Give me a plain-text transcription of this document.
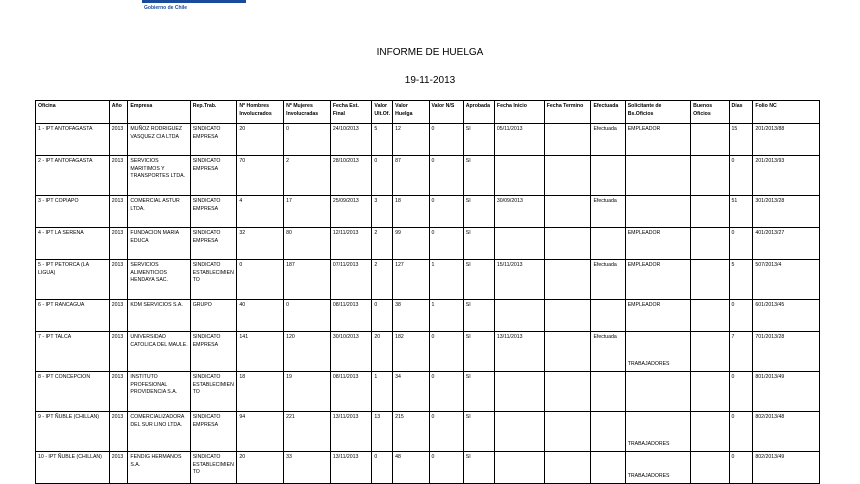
Gobierno de Chile
INFORME DE HUELGA
19-11-2013
Oficina	Año	Empresa	Rep.Trab.	Nº Hombres Involucrados	Nº Mujeres Involucradas	Fecha Est. Final	Valor Ult.Of.	Valor Huelga	Valor N/S	Aprobada	Fecha Inicio	Fecha Termino	Efectuada	Solicitante de Bs.Oficios	Buenos Oficios	Días	Folio NC
1 - IPT ANTOFAGASTA	2013	MUÑOZ RODRIGUEZ VASQUEZ CIA LTDA	SINDICATO EMPRESA	20	0	24/10/2013	5	12	0	SI	05/11/2013		Efectuada	EMPLEADOR		15	201/2013/88
2 - IPT ANTOFAGASTA	2013	SERVICIOS MARITIMOS Y TRANSPORTES LTDA.	SINDICATO EMPRESA	70	2	28/10/2013	0	87	0	SI						0	201/2013/93
3 - IPT COPIAPO	2013	COMERCIAL ASTUR LTDA.	SINDICATO EMPRESA	4	17	25/09/2013	3	18	0	SI	30/09/2013		Efectuada			51	301/2013/28
4 - IPT LA SERENA	2013	FUNDACION MARIA EDUCA	SINDICATO EMPRESA	32	80	12/11/2013	2	99	0	SI				EMPLEADOR		0	401/2013/27
5 - IPT PETORCA (LA LIGUA)	2013	SERVICIOS ALIMENTICIOS HENDAYA SAC.	SINDICATO ESTABLECIMIENTO	0	187	07/11/2013	2	127	1	SI	15/11/2013		Efectuada	EMPLEADOR		5	507/2013/4
6 - IPT RANCAGUA	2013	KDM SERVICIOS S.A.	GRUPO	40	0	08/11/2013	0	38	1	SI				EMPLEADOR		0	601/2013/45
7 - IPT TALCA	2013	UNIVERSIDAD CATOLICA DEL MAULE.	SINDICATO EMPRESA	141	120	30/10/2013	20	182	0	SI	13/11/2013		Efectuada	TRABAJADORES		7	701/2013/28
8 - IPT CONCEPCION	2013	INSTITUTO PROFESIONAL PROVIDENCIA S.A.	SINDICATO ESTABLECIMIENTO	18	19	08/11/2013	1	34	0	SI						0	801/2013/49
9 - IPT ÑUBLE (CHILLAN)	2013	COMERCIALIZADORA DEL SUR LINO LTDA.	SINDICATO EMPRESA	94	221	13/11/2013	13	215	0	SI				TRABAJADORES		0	802/2013/48
10 - IPT ÑUBLE (CHILLAN)	2013	FENDIG HERMANOS S.A.	SINDICATO ESTABLECIMIENTO	20	33	13/11/2013	0	48	0	SI				TRABAJADORES		0	802/2013/49
